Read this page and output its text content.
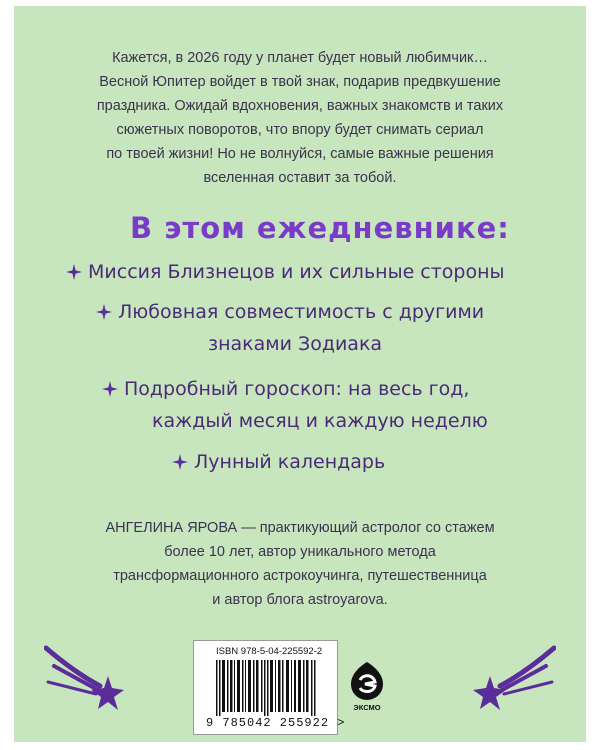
Кажется, в 2026 году у планет будет новый любимчик…
Весной Юпитер войдет в твой знак, подарив предвкушение
праздника. Ожидай вдохновения, важных знакомств и таких
сюжетных поворотов, что впору будет снимать сериал
по твоей жизни! Но не волнуйся, самые важные решения
вселенная оставит за тобой.
В этом ежедневнике:
Миссия Близнецов и их сильные стороны
Любовная совместимость с другими
знаками Зодиака
Подробный гороскоп: на весь год,
каждый месяц и каждую неделю
Лунный календарь
АНГЕЛИНА ЯРОВА — практикующий астролог со стажем
более 10 лет, автор уникального метода
трансформационного астрокоучинга, путешественница
и автор блога astroyarova.
ISBN 978-5-04-225592-2
9 785042 255922 >
ЭКСМО
